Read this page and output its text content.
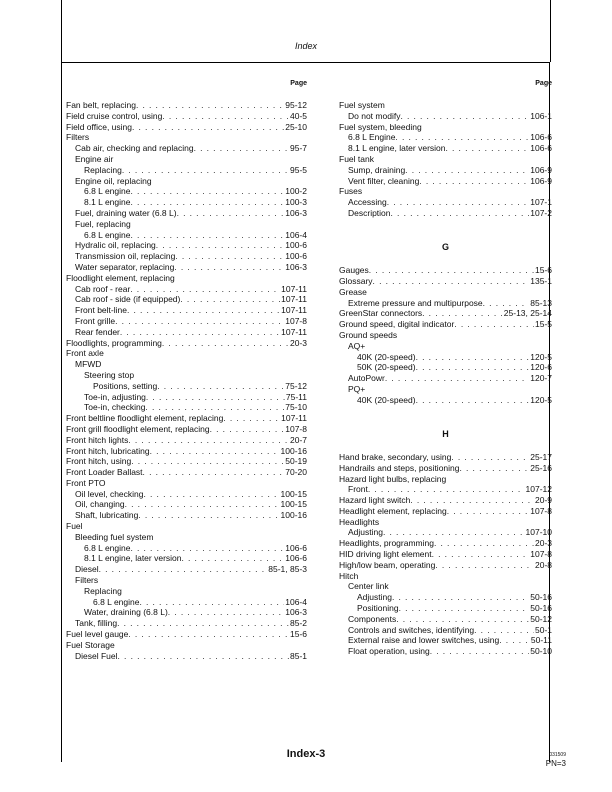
Index
Page
Fan belt, replacing . . .	95-12
Field cruise control, using . . .	40-5
Field office, using . . .	25-10
Filters
Cab air, checking and replacing . . .	95-7
Engine air
Replacing . . .	95-5
Engine oil, replacing
6.8 L engine . . .	100-2
8.1 L engine . . .	100-3
Fuel, draining water (6.8 L) . . .	106-3
Fuel, replacing
6.8 L engine . . .	106-4
Hydralic oil, replacing . . .	100-6
Transmission oil, replacing . . .	100-6
Water separator, replacing . . .	106-3
Floodlight element, replacing
Cab roof - rear . . .	107-11
Cab roof - side (if equipped) . . .	107-11
Front belt-line . . .	107-11
Front grille . . .	107-8
Rear fender . . .	107-11
Floodlights, programming . . .	20-3
Front axle
MFWD
Steering stop
Positions, setting . . .	75-12
Toe-in, adjusting . . .	75-11
Toe-in, checking . . .	75-10
Front beltline floodlight element, replacing . . .	107-11
Front grill floodlight element, replacing . . .	107-8
Front hitch lights . . .	20-7
Front hitch, lubricating . . .	100-16
Front hitch, using . . .	50-19
Front Loader Ballast . . .	70-20
Front PTO
Oil level, checking . . .	100-15
Oil, changing . . .	100-15
Shaft, lubricating . . .	100-16
Fuel
Bleeding fuel system
6.8 L engine . . .	106-6
8.1 L engine, later version . . .	106-6
Diesel . . .	85-1, 85-3
Filters
Replacing
6.8 L engine . . .	106-4
Water, draining (6.8 L) . . .	106-3
Tank, filling . . .	85-2
Fuel level gauge . . .	15-6
Fuel Storage
Diesel Fuel . . .	85-1
Page
Fuel system
Do not modify . . .	106-1
Fuel system, bleeding
6.8 L Engine . . .	106-6
8.1 L engine, later version . . .	106-6
Fuel tank
Sump, draining . . .	106-9
Vent filter, cleaning . . .	106-9
Fuses
Accessing . . .	107-1
Description . . .	107-2
G
Gauges . . .	15-6
Glossary . . .	135-1
Grease
Extreme pressure and multipurpose . . .	85-13
GreenStar connectors . . .	25-13, 25-14
Ground speed, digital indicator . . .	15-5
Ground speeds
AQ+
40K (20-speed) . . .	120-5
50K (20-speed) . . .	120-6
AutoPowr . . .	120-7
PQ+
40K (20-speed) . . .	120-5
H
Hand brake, secondary, using . . .	25-17
Handrails and steps, positioning . . .	25-16
Hazard light bulbs, replacing
Front . . .	107-12
Hazard light switch . . .	20-9
Headlight element, replacing . . .	107-8
Headlights
Adjusting . . .	107-10
Headlights, programming . . .	20-3
HID driving light element . . .	107-8
High/low beam, operating . . .	20-8
Hitch
Center link
Adjusting . . .	50-16
Positioning . . .	50-16
Components . . .	50-12
Controls and switches, identifying . . .	50-1
External raise and lower switches, using . . .	50-11
Float operation, using . . .	50-10
Index-3	031509
PN=3
